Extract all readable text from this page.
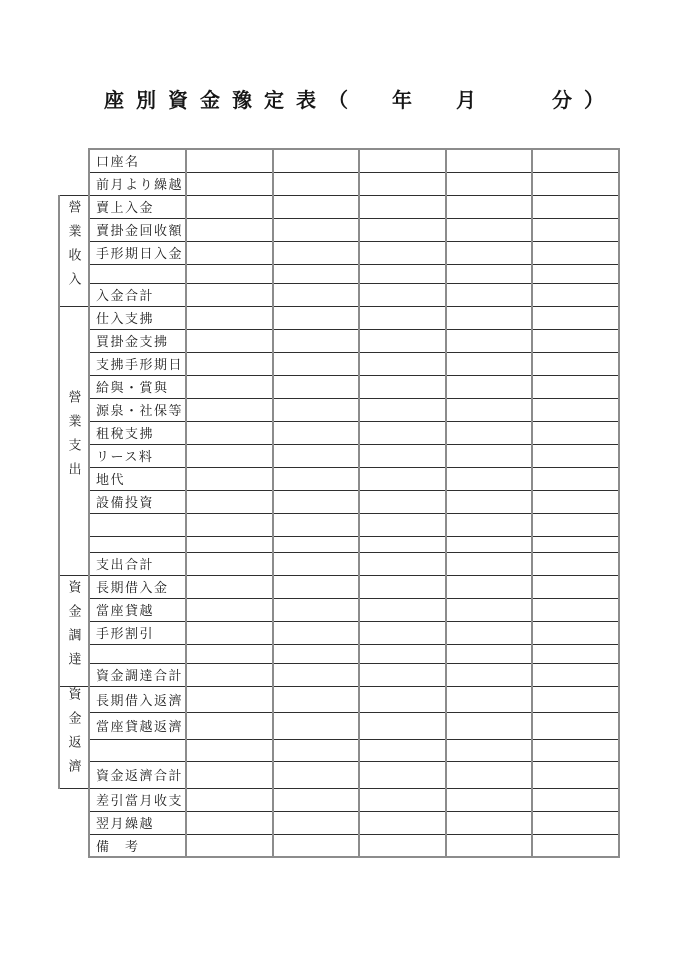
座別資金豫定表（　年　月　　分）
	口座名					
	前月より繰越					
營業收入	賣上入金					
	賣掛金回收額					
	手形期日入金					

	入金合計					
營業支出	仕入支拂					
	買掛金支拂					
	支拂手形期日					
	給與・賞與					
	源泉・社保等					
	租稅支拂					
	リース料					
	地代					
	設備投資					

	支出合計					
資金調達	長期借入金					
	當座貸越					
	手形割引					

	資金調達合計					
資金返濟	長期借入返濟					
	當座貸越返濟					

	資金返濟合計					
	差引當月收支					
	翌月繰越					
	備　考					
